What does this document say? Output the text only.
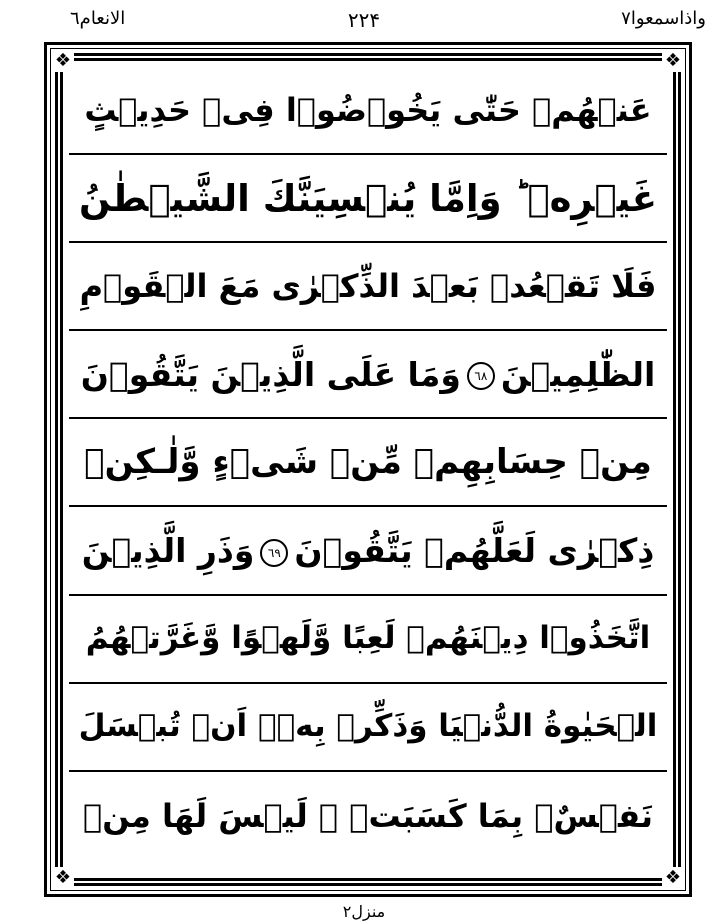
الانعام٦	۲۲۴	واذاسمعوا٧
❖	❖
❖	❖
عَنۡهُمۡ حَتّٰى يَخُوۡضُوۡا فِىۡ حَدِيۡثٍ
غَيۡرِهٖ‌ ؕ وَاِمَّا يُنۡسِيَنَّكَ الشَّيۡطٰنُ
فَلَا تَقۡعُدۡ بَعۡدَ الذِّكۡرٰى مَعَ الۡقَوۡمِ
الظّٰلِمِيۡنَ٦٨وَمَا عَلَى الَّذِيۡنَ يَتَّقُوۡنَ
مِنۡ حِسَابِهِمۡ مِّنۡ شَىۡءٍ وَّلٰـكِنۡ
ذِكۡرٰى لَعَلَّهُمۡ يَتَّقُوۡنَ٦٩وَذَرِ الَّذِيۡنَ
اتَّخَذُوۡا دِيۡنَهُمۡ لَعِبًا وَّلَهۡوًا وَّغَرَّتۡهُمُ
الۡحَيٰوةُ الدُّنۡيَا وَذَكِّرۡ بِهٖۤ اَنۡ تُبۡسَلَ
نَفۡسٌۢ بِمَا كَسَبَتۡ ‌ۖ لَيۡسَ لَهَا مِنۡ
منزل٢
